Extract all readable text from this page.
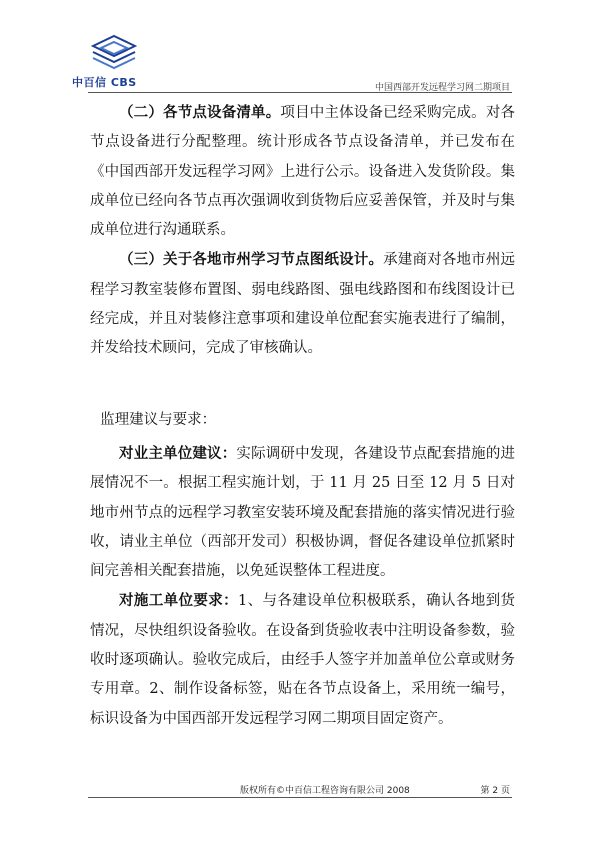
中百信 CBS	中国西部开发远程学习网二期项目

（二）各节点设备清单。项目中主体设备已经采购完成。对各节点设备进行分配整理。统计形成各节点设备清单，并已发布在《中国西部开发远程学习网》上进行公示。设备进入发货阶段。集成单位已经向各节点再次强调收到货物后应妥善保管，并及时与集成单位进行沟通联系。

（三）关于各地市州学习节点图纸设计。承建商对各地市州远程学习教室装修布置图、弱电线路图、强电线路图和布线图设计已经完成，并且对装修注意事项和建设单位配套实施表进行了编制，并发给技术顾问，完成了审核确认。

监理建议与要求：

对业主单位建议：实际调研中发现，各建设节点配套措施的进展情况不一。根据工程实施计划，于 11 月 25 日至 12 月 5 日对地市州节点的远程学习教室安装环境及配套措施的落实情况进行验收，请业主单位（西部开发司）积极协调，督促各建设单位抓紧时间完善相关配套措施，以免延误整体工程进度。

对施工单位要求：1、与各建设单位积极联系，确认各地到货情况，尽快组织设备验收。在设备到货验收表中注明设备参数，验收时逐项确认。验收完成后，由经手人签字并加盖单位公章或财务专用章。2、制作设备标签，贴在各节点设备上，采用统一编号，标识设备为中国西部开发远程学习网二期项目固定资产。

版权所有©中百信工程咨询有限公司 2008	第 2 页
